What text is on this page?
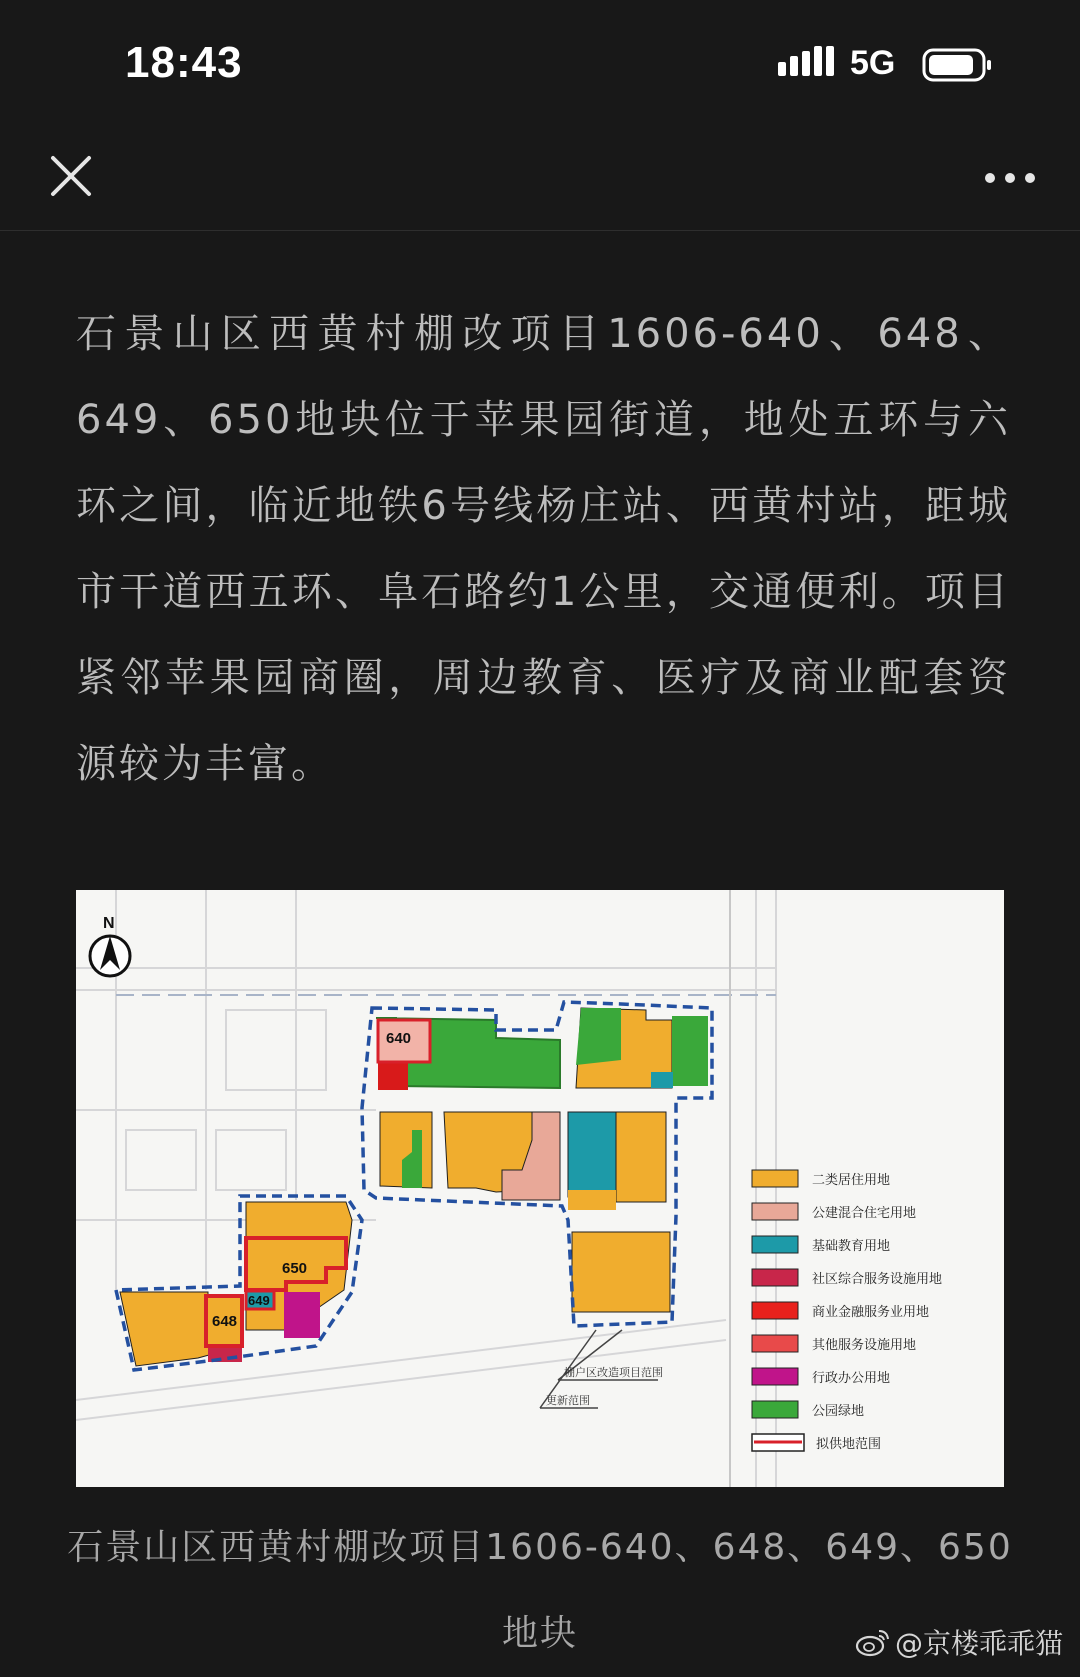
18:43	5G

石景山区西黄村棚改项目1606-640、648、649、650地块位于苹果园街道，地处五环与六环之间，临近地铁6号线杨庄站、西黄村站，距城市干道西五环、阜石路约1公里，交通便利。项目紧邻苹果园商圈，周边教育、医疗及商业配套资源较为丰富。

N
640
650
649
648
棚户区改造项目范围
更新范围
二类居住用地
公建混合住宅用地
基础教育用地
社区综合服务设施用地
商业金融服务业用地
其他服务设施用地
行政办公用地
公园绿地
拟供地范围

石景山区西黄村棚改项目1606-640、648、649、650
地块	@京楼乖乖猫
